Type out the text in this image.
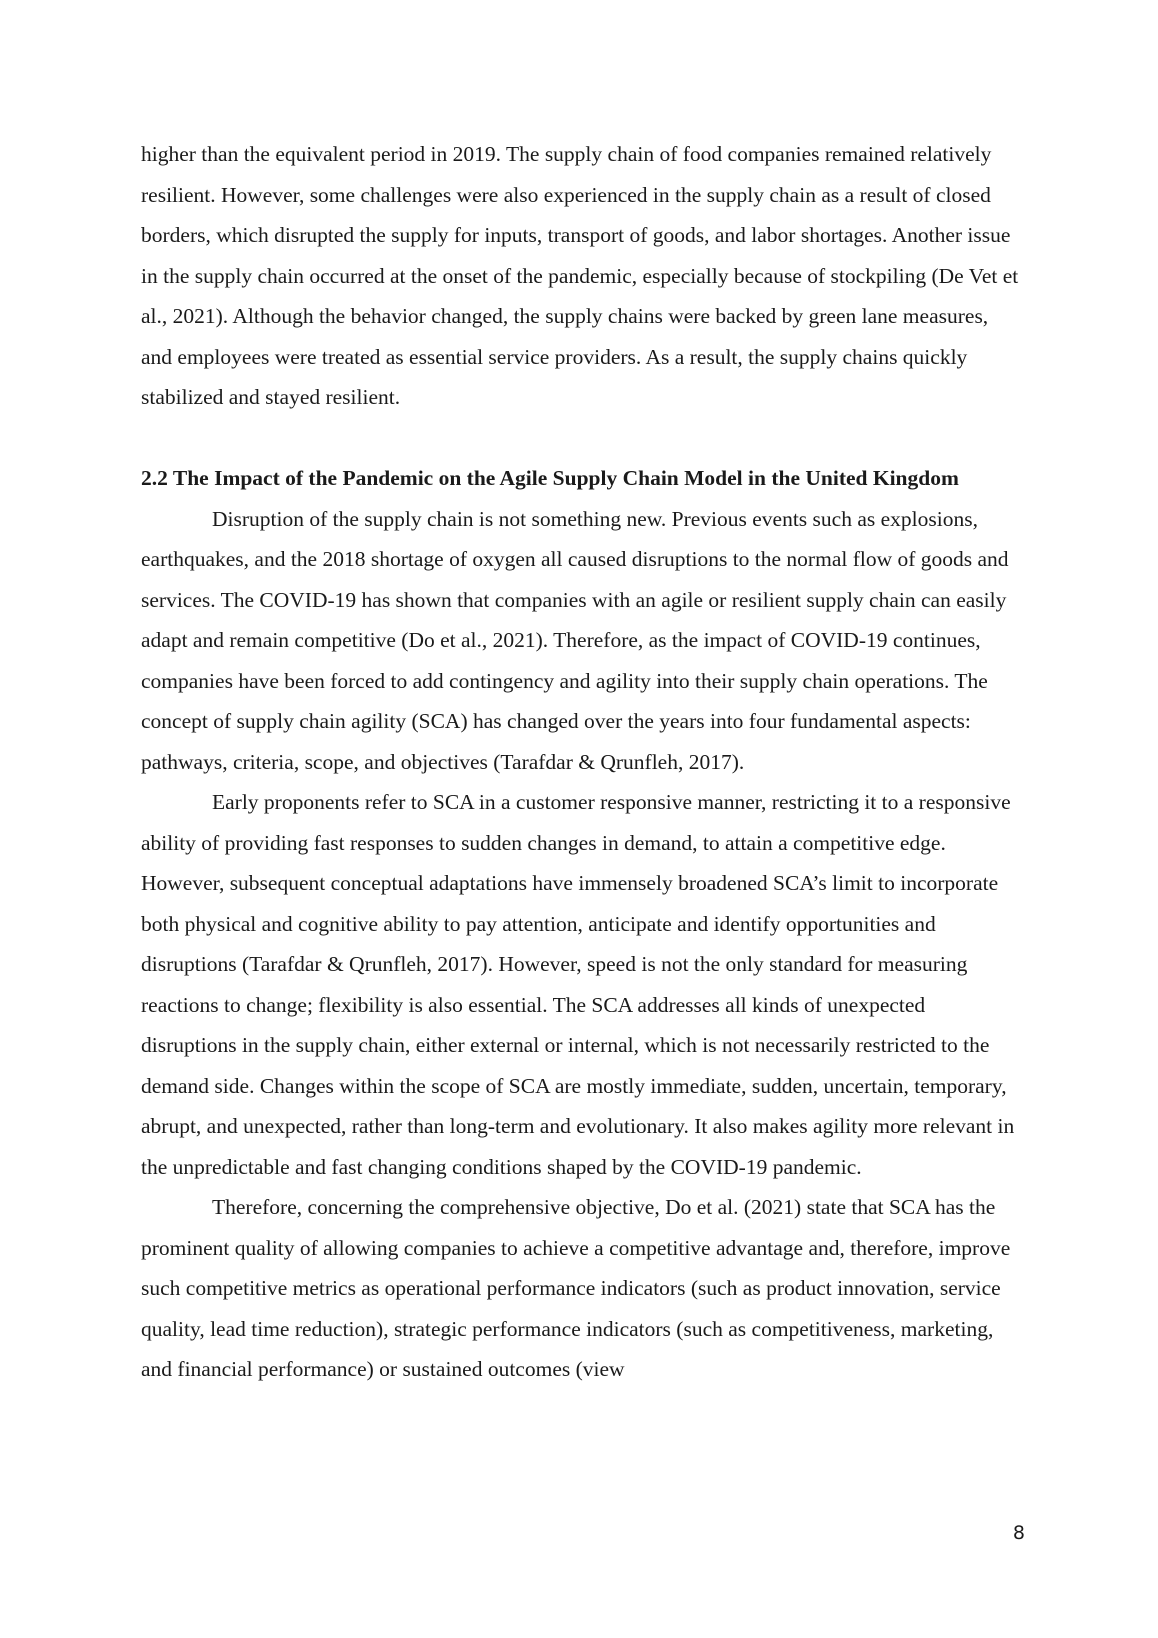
higher than the equivalent period in 2019. The supply chain of food companies remained relatively resilient. However, some challenges were also experienced in the supply chain as a result of closed borders, which disrupted the supply for inputs, transport of goods, and labor shortages. Another issue in the supply chain occurred at the onset of the pandemic, especially because of stockpiling (De Vet et al., 2021). Although the behavior changed, the supply chains were backed by green lane measures, and employees were treated as essential service providers. As a result, the supply chains quickly stabilized and stayed resilient.

2.2 The Impact of the Pandemic on the Agile Supply Chain Model in the United Kingdom

Disruption of the supply chain is not something new. Previous events such as explosions, earthquakes, and the 2018 shortage of oxygen all caused disruptions to the normal flow of goods and services. The COVID-19 has shown that companies with an agile or resilient supply chain can easily adapt and remain competitive (Do et al., 2021). Therefore, as the impact of COVID-19 continues, companies have been forced to add contingency and agility into their supply chain operations. The concept of supply chain agility (SCA) has changed over the years into four fundamental aspects: pathways, criteria, scope, and objectives (Tarafdar & Qrunfleh, 2017).

Early proponents refer to SCA in a customer responsive manner, restricting it to a responsive ability of providing fast responses to sudden changes in demand, to attain a competitive edge. However, subsequent conceptual adaptations have immensely broadened SCA’s limit to incorporate both physical and cognitive ability to pay attention, anticipate and identify opportunities and disruptions (Tarafdar & Qrunfleh, 2017). However, speed is not the only standard for measuring reactions to change; flexibility is also essential. The SCA addresses all kinds of unexpected disruptions in the supply chain, either external or internal, which is not necessarily restricted to the demand side. Changes within the scope of SCA are mostly immediate, sudden, uncertain, temporary, abrupt, and unexpected, rather than long-term and evolutionary. It also makes agility more relevant in the unpredictable and fast changing conditions shaped by the COVID-19 pandemic.

Therefore, concerning the comprehensive objective, Do et al. (2021) state that SCA has the prominent quality of allowing companies to achieve a competitive advantage and, therefore, improve such competitive metrics as operational performance indicators (such as product innovation, service quality, lead time reduction), strategic performance indicators (such as competitiveness, marketing, and financial performance) or sustained outcomes (view

8
